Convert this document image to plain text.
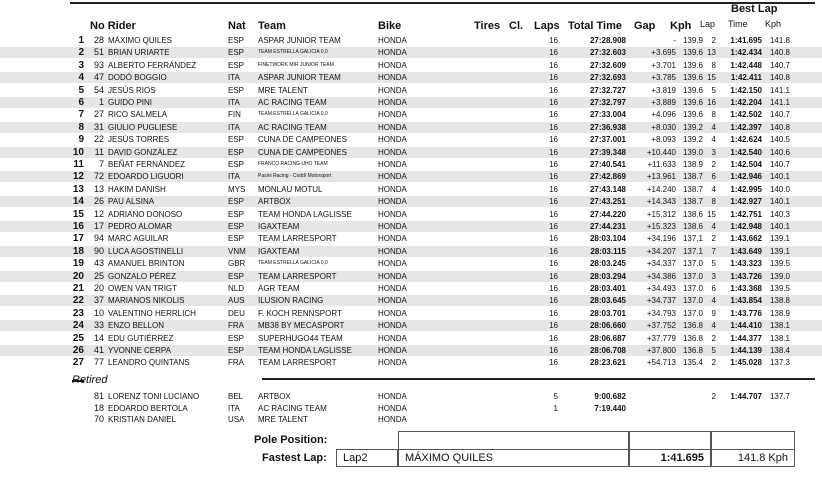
Best Lap
No Rider	Nat Team	Bike	Tires Cl. Laps Total Time Gap Kph Lap Time Kph
1	28 MÁXIMO QUILES	ESP ASPAR JUNIOR TEAM	HONDA	16	27:28.908	- 139.9	2	1:41.695 141.8
2	51 BRIAN URIARTE	ESP	TEAM ESTRELLA GALICIA 0,0	HONDA	16	27:32.603	+3.695 139.6 13	1:42.434 140.8
3	93 ALBERTO FERRÁNDEZ	ESP	FINETWORK MIR JUNIOR TEAM	HONDA	16	27:32.609	+3.701 139.6	8	1:42.448 140.7
4	47 DODÓ BOGGIO	ITA ASPAR JUNIOR TEAM	HONDA	16	27:32.693	+3.785 139.6 15	1:42.411 140.8
5	54 JESÚS RIOS	ESP MRE TALENT	HONDA	16	27:32.727	+3.819 139.6	5	1:42.150 141.1
6	1 GUIDO PINI	ITA AC RACING TEAM	HONDA	16	27:32.797	+3.889 139.6 16	1:42.204 141.1
7	27 RICO SALMELA	FIN	TEAM ESTRELLA GALICIA 0,0	HONDA	16	27:33.004	+4.096 139.6	8	1:42.502 140.7
8	31 GIULIO PUGLIESE	ITA AC RACING TEAM	HONDA	16	27:36.938	+8.030 139.2	4	1:42.397 140.8
9	22 JESÚS TORRES	ESP CUNA DE CAMPEONES	HONDA	16	27:37.001	+8.093 139.2	4	1:42.624 140.5
10	11 DAVID GONZÁLEZ	ESP CUNA DE CAMPEONES	HONDA	16	27:39.348	+10.440 139.0	3	1:42.540 140.6
11	7 BEÑAT FERNÁNDEZ	ESP	FRANCO RACING UHO TEAM	HONDA	16	27:40.541	+11.633 138.9	2	1:42.504 140.7
12	72 EDOARDO LIGUORI	ITA	Pasini Racing - Coddi Motorsport	HONDA	16	27:42.869	+13.961 138.7	6	1:42.946 140.1
13	13 HAKIM DANISH	MYS MONLAU MOTUL	HONDA	16	27:43.148	+14.240 138.7	4	1:42.995 140.0
14	26 PAU ALSINA	ESP ARTBOX	HONDA	16	27:43.251	+14.343 138.7	8	1:42.927 140.1
15	12 ADRIANO DONOSO	ESP TEAM HONDA LAGLISSE	HONDA	16	27:44.220	+15.312 138.6 15	1:42.751 140.3
16	17 PEDRO ALOMAR	ESP IGAXTEAM	HONDA	16	27:44.231	+15.323 138.6	4	1:42.948 140.1
17	94 MARC AGUILAR	ESP TEAM LARRESPORT	HONDA	16	28:03.104	+34.196 137.1	2	1:43.662 139.1
18	90 LUCA AGOSTINELLI	VNM IGAXTEAM	HONDA	16	28:03.115	+34.207 137.1	7	1:43.649 139.1
19	43 AMANUEL BRINTON	GBR	TEAM ESTRELLA GALICIA 0,0	HONDA	16	28:03.245	+34.337 137.0	5	1:43.323 139.5
20	25 GONZALO PÉREZ	ESP TEAM LARRESPORT	HONDA	16	28:03.294	+34.386 137.0	3	1:43.726 139.0
21	20 OWEN VAN TRIGT	NLD AGR TEAM	HONDA	16	28:03.401	+34.493 137.0	6	1:43.368 139.5
22	37 MARIANOS NIKOLIS	AUS ILUSION RACING	HONDA	16	28:03.645	+34.737 137.0	4	1:43.854 138.8
23	10 VALENTINO HERRLICH	DEU F. KOCH RENNSPORT	HONDA	16	28:03.701	+34.793 137.0	9	1:43.776 138.9
24	33 ENZO BELLON	FRA MB38 BY MECASPORT	HONDA	16	28:06.660	+37.752 136.8	4	1:44.410 138.1
25	14 EDU GUTIÉRREZ	ESP SUPERHUGO44 TEAM	HONDA	16	28:06.687	+37.779 136.8	2	1:44.377 138.1
26	41 YVONNE CERPA	ESP TEAM HONDA LAGLISSE	HONDA	16	28:06.708	+37.800 136.8	5	1:44.139 138.4
27	77 LEANDRO QUINTANS	FRA TEAM LARRESPORT	HONDA	16	28:23.621	+54.713 135.4	2	1:45.028 137.3
Retired
81 LORENZ TONI LUCIANO	BEL ARTBOX	HONDA	5	9:00.682	2	1:44.707 137.7
18 EDOARDO BERTOLA	ITA AC RACING TEAM	HONDA	1	7:19.440
70 KRISTIAN DANIEL	USA MRE TALENT	HONDA
Pole Position:
Fastest Lap:	Lap2	MÁXIMO QUILES	1:41.695	141.8 Kph
